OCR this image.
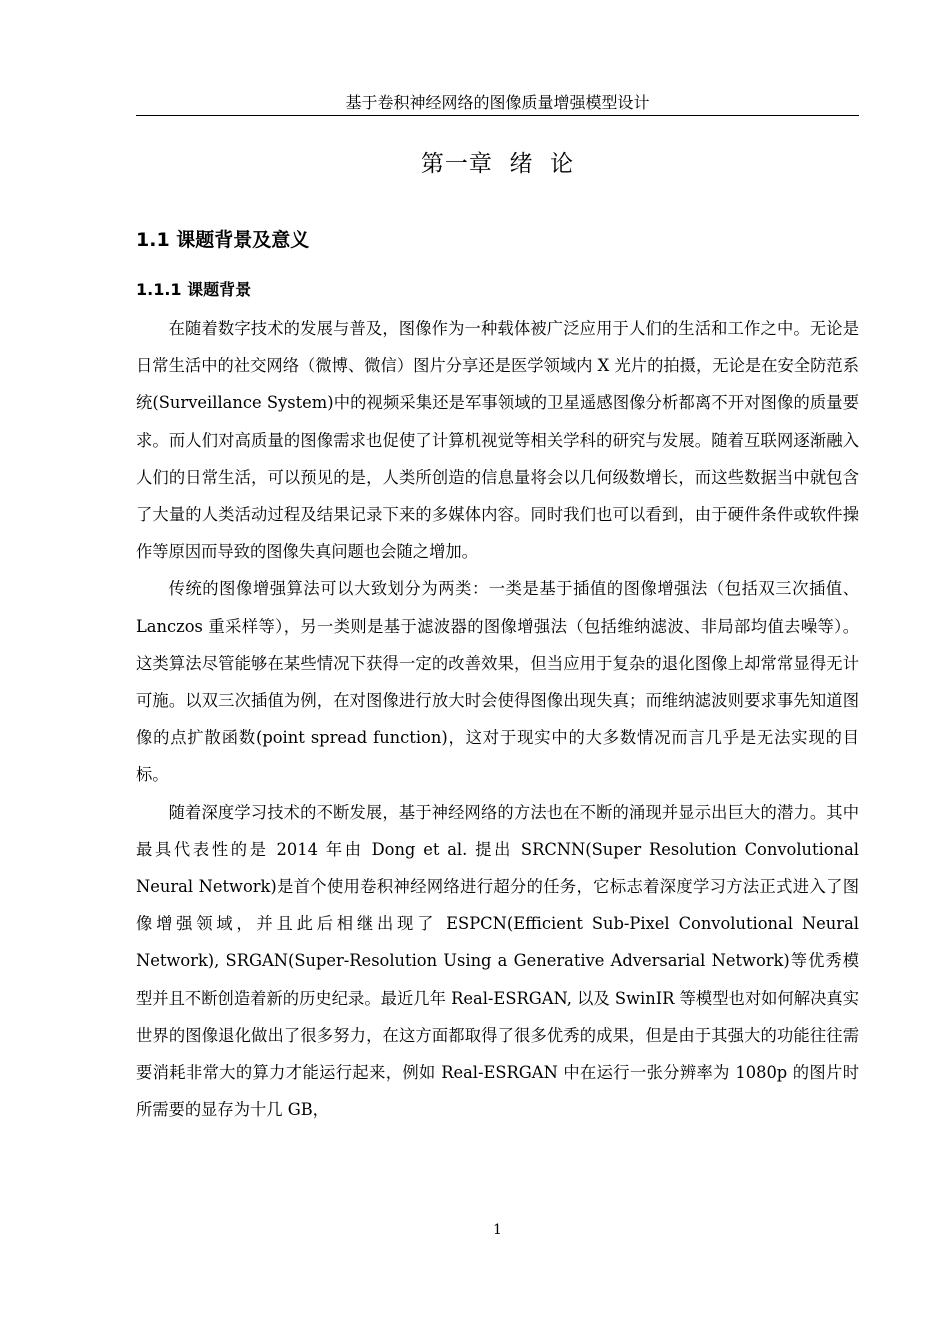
基于卷积神经网络的图像质量增强模型设计
第一章  绪  论
1.1 课题背景及意义
1.1.1 课题背景

在随着数字技术的发展与普及，图像作为一种载体被广泛应用于人们的生活和工作之中。无论是日常生活中的社交网络（微博、微信）图片分享还是医学领域内 X 光片的拍摄，无论是在安全防范系统(Surveillance System)中的视频采集还是军事领域的卫星遥感图像分析都离不开对图像的质量要求。而人们对高质量的图像需求也促使了计算机视觉等相关学科的研究与发展。随着互联网逐渐融入人们的日常生活，可以预见的是，人类所创造的信息量将会以几何级数增长，而这些数据当中就包含了大量的人类活动过程及结果记录下来的多媒体内容。同时我们也可以看到，由于硬件条件或软件操作等原因而导致的图像失真问题也会随之增加。

传统的图像增强算法可以大致划分为两类：一类是基于插值的图像增强法（包括双三次插值、 Lanczos 重采样等），另一类则是基于滤波器的图像增强法（包括维纳滤波、非局部均值去噪等）。这类算法尽管能够在某些情况下获得一定的改善效果，但当应用于复杂的退化图像上却常常显得无计可施。以双三次插值为例，在对图像进行放大时会使得图像出现失真；而维纳滤波则要求事先知道图像的点扩散函数(point spread function)，这对于现实中的大多数情况而言几乎是无法实现的目标。

随着深度学习技术的不断发展，基于神经网络的方法也在不断的涌现并显示出巨大的潜力。其中最具代表性的是 2014 年由 Dong et al. 提出 SRCNN(Super Resolution Convolutional Neural Network)是首个使用卷积神经网络进行超分的任务，它标志着深度学习方法正式进入了图像增强领域，并且此后相继出现了 ESPCN(Efficient Sub-Pixel Convolutional Neural Network), SRGAN(Super-Resolution Using a Generative Adversarial Network)等优秀模型并且不断创造着新的历史纪录。最近几年 Real-ESRGAN, 以及 SwinIR 等模型也对如何解决真实世界的图像退化做出了很多努力，在这方面都取得了很多优秀的成果，但是由于其强大的功能往往需要消耗非常大的算力才能运行起来，例如 Real-ESRGAN 中在运行一张分辨率为 1080p 的图片时所需要的显存为十几 GB，

1
